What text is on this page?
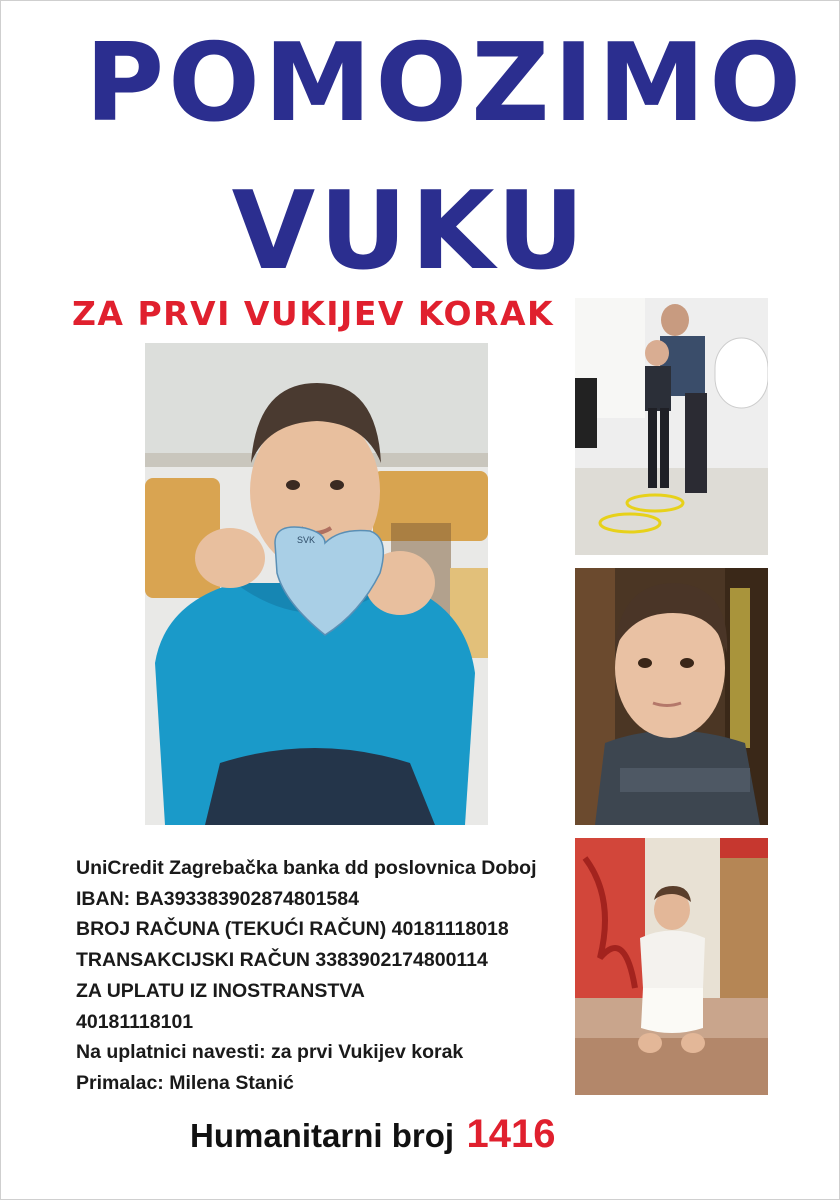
POMOZIMO
VUKU
ZA PRVI VUKIJEV KORAK
SVK
UniCredit Zagrebačka banka dd poslovnica Doboj
IBAN: BA393383902874801584
BROJ RAČUNA (TEKUĆI RAČUN) 40181118018
TRANSAKCIJSKI RAČUN 3383902174800114
ZA UPLATU IZ INOSTRANSTVA
40181118101
Na uplatnici navesti: za prvi Vukijev korak
Primalac: Milena Stanić
Humanitarni broj 1416
